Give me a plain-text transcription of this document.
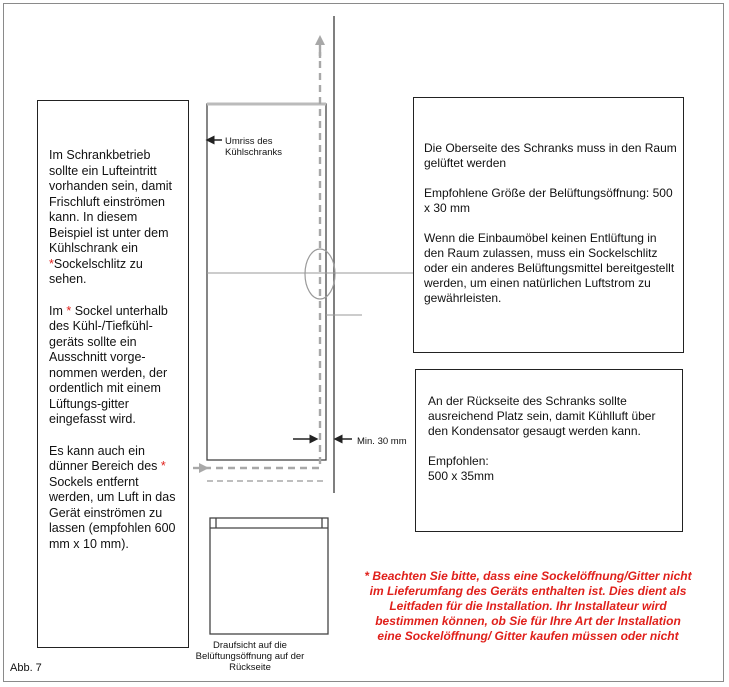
Umriss des
Kühlschranks
Min. 30 mm

Im Schrankbetrieb sollte ein Lufteintritt vorhanden sein, damit Frischluft einströmen kann. In diesem Beispiel ist unter dem Kühlschrank ein *Sockelschlitz zu sehen.

Im * Sockel unterhalb des Kühl-/Tiefkühl-geräts sollte ein Ausschnitt vorge-nommen werden, der ordentlich mit einem Lüftungs-gitter eingefasst wird.

Es kann auch ein dünner Bereich des * Sockels entfernt werden, um Luft in das Gerät einströmen zu lassen (empfohlen 600 mm x 10 mm).

Die Oberseite des Schranks muss in den Raum gelüftet werden

Empfohlene Größe der Belüftungsöffnung: 500 x 30 mm

Wenn die Einbaumöbel keinen Entlüftung in den Raum zulassen, muss ein Sockelschlitz oder ein anderes Belüftungsmittel bereitgestellt werden, um einen natürlichen Luftstrom zu gewährleisten.

An der Rückseite des Schranks sollte ausreichend Platz sein, damit Kühlluft über den Kondensator gesaugt werden kann.

Empfohlen:

500 x 35mm

* Beachten Sie bitte, dass eine Sockelöffnung/Gitter nicht im Lieferumfang des Geräts enthalten ist. Dies dient als Leitfaden für die Installation. Ihr Installateur wird bestimmen können, ob Sie für Ihre Art der Installation eine Sockelöffnung/ Gitter kaufen müssen oder nicht
Draufsicht auf die
Belüftungsöffnung auf der
Rückseite
Abb. 7
